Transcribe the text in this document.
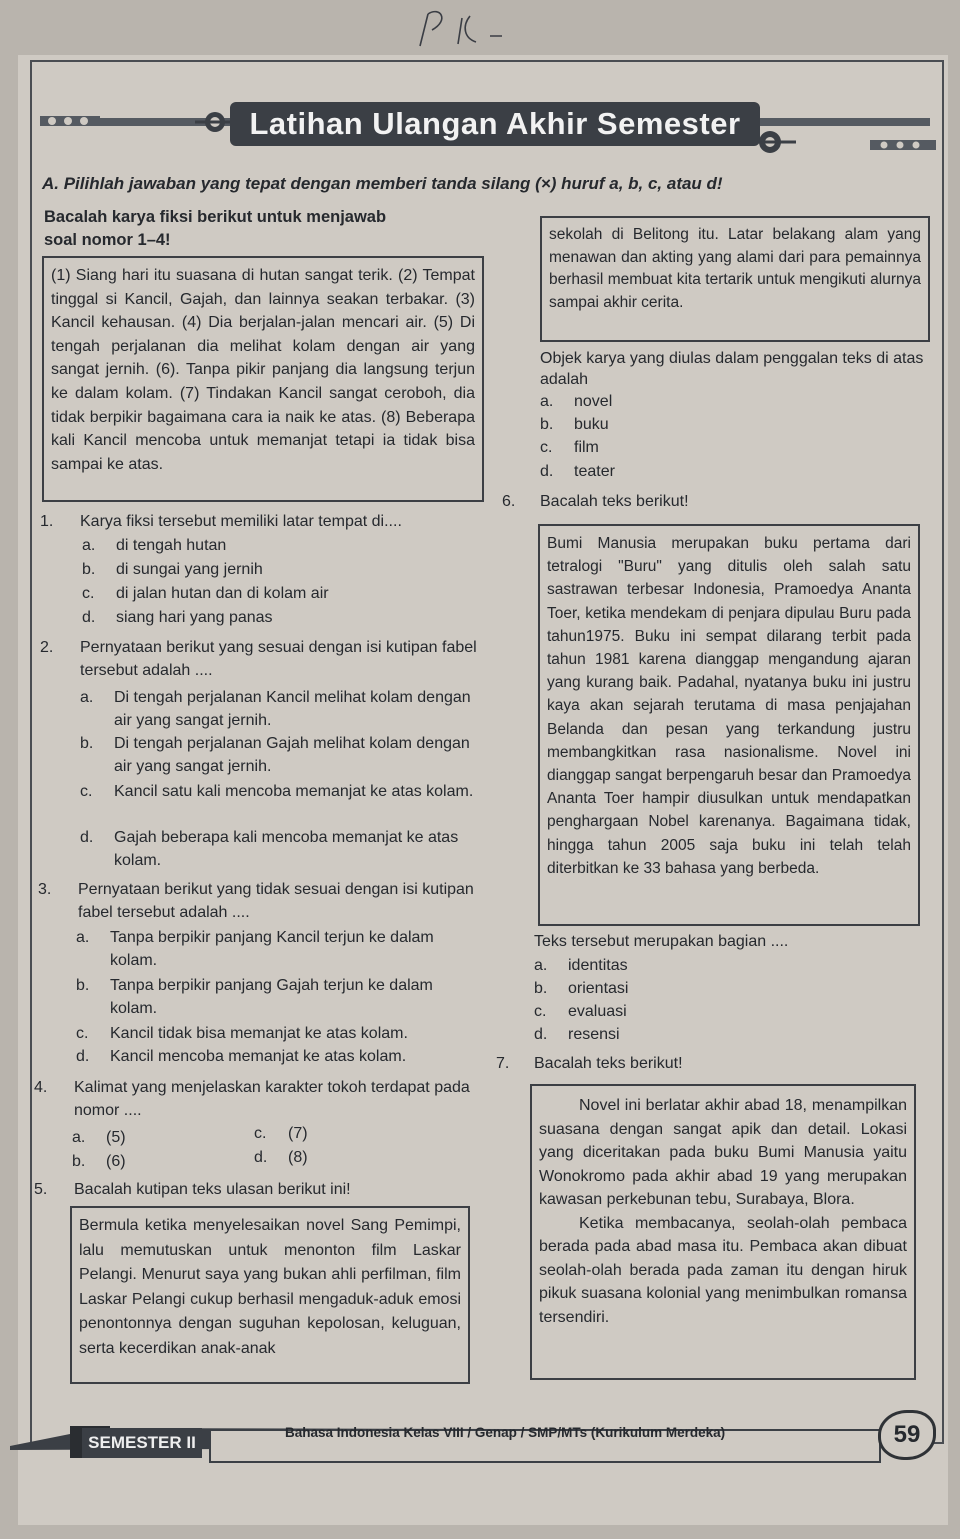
Latihan Ulangan Akhir Semester
A. Pilihlah jawaban yang tepat dengan memberi tanda silang (×) huruf a, b, c, atau d!
Bacalah karya fiksi berikut untuk menjawab
soal nomor 1–4!
(1) Siang hari itu suasana di hutan sangat terik. (2) Tempat tinggal si Kancil, Gajah, dan lainnya seakan terbakar. (3) Kancil kehausan. (4) Dia berjalan-jalan mencari air. (5) Di tengah perjalanan dia melihat kolam dengan air yang sangat jernih. (6). Tanpa pikir panjang dia langsung terjun ke dalam kolam. (7) Tindakan Kancil sangat ceroboh, dia tidak berpikir bagaimana cara ia naik ke atas. (8) Beberapa kali Kancil mencoba untuk memanjat tetapi ia tidak bisa sampai ke atas.
1. Karya fiksi tersebut memiliki latar tempat di....
a.	di tengah hutan
b.	di sungai yang jernih
c.	di jalan hutan dan di kolam air
d.	siang hari yang panas
2. Pernyataan berikut yang sesuai dengan isi kutipan fabel tersebut adalah ....
a.	Di tengah perjalanan Kancil melihat kolam dengan air yang sangat jernih.
b.	Di tengah perjalanan Gajah melihat kolam dengan air yang sangat jernih.
c.	Kancil satu kali mencoba memanjat ke atas kolam.
d.	Gajah beberapa kali mencoba memanjat ke atas kolam.
3. Pernyataan berikut yang tidak sesuai dengan isi kutipan fabel tersebut adalah ....
a.	Tanpa berpikir panjang Kancil terjun ke dalam kolam.
b.	Tanpa berpikir panjang Gajah terjun ke dalam kolam.
c.	Kancil tidak bisa memanjat ke atas kolam.
d.	Kancil mencoba memanjat ke atas kolam.
4. Kalimat yang menjelaskan karakter tokoh terdapat pada nomor ....
a.	(5)
b.	(6)
c.	(7)
d.	(8)
5. Bacalah kutipan teks ulasan berikut ini!
Bermula ketika menyelesaikan novel Sang Pemimpi, lalu memutuskan untuk menonton film Laskar Pelangi. Menurut saya yang bukan ahli perfilman, film Laskar Pelangi cukup berhasil mengaduk-aduk emosi penontonnya dengan suguhan kepolosan, keluguan, serta kecerdikan anak-anak
sekolah di Belitong itu. Latar belakang alam yang menawan dan akting yang alami dari para pemainnya berhasil membuat kita tertarik untuk mengikuti alurnya sampai akhir cerita.
Objek karya yang diulas dalam penggalan teks di atas adalah
a.	novel
b.	buku
c.	film
d.	teater
6. Bacalah teks berikut!
Bumi Manusia merupakan buku pertama dari tetralogi "Buru" yang ditulis oleh salah satu sastrawan terbesar Indonesia, Pramoedya Ananta Toer, ketika mendekam di penjara dipulau Buru pada tahun1975. Buku ini sempat dilarang terbit pada tahun 1981 karena dianggap mengandung ajaran yang kurang baik. Padahal, nyatanya buku ini justru kaya akan sejarah terutama di masa penjajahan Belanda dan pesan yang terkandung justru membangkitkan rasa nasionalisme. Novel ini dianggap sangat berpengaruh besar dan Pramoedya Ananta Toer hampir diusulkan untuk mendapatkan penghargaan Nobel karenanya. Bagaimana tidak, hingga tahun 2005 saja buku ini telah telah diterbitkan ke 33 bahasa yang berbeda.
Teks tersebut merupakan bagian ....
a.	identitas
b.	orientasi
c.	evaluasi
d.	resensi
7. Bacalah teks berikut!
Novel ini berlatar akhir abad 18, menampilkan suasana dengan sangat apik dan detail. Lokasi yang diceritakan pada buku Bumi Manusia yaitu Wonokromo pada akhir abad 19 yang merupakan kawasan perkebunan tebu, Surabaya, Blora.
Ketika membacanya, seolah-olah pembaca berada pada abad masa itu. Pembaca akan dibuat seolah-olah berada pada zaman itu dengan hiruk pikuk suasana kolonial yang menimbulkan romansa tersendiri.
SEMESTER II
Bahasa Indonesia Kelas VIII / Genap / SMP/MTs (Kurikulum Merdeka)	59
